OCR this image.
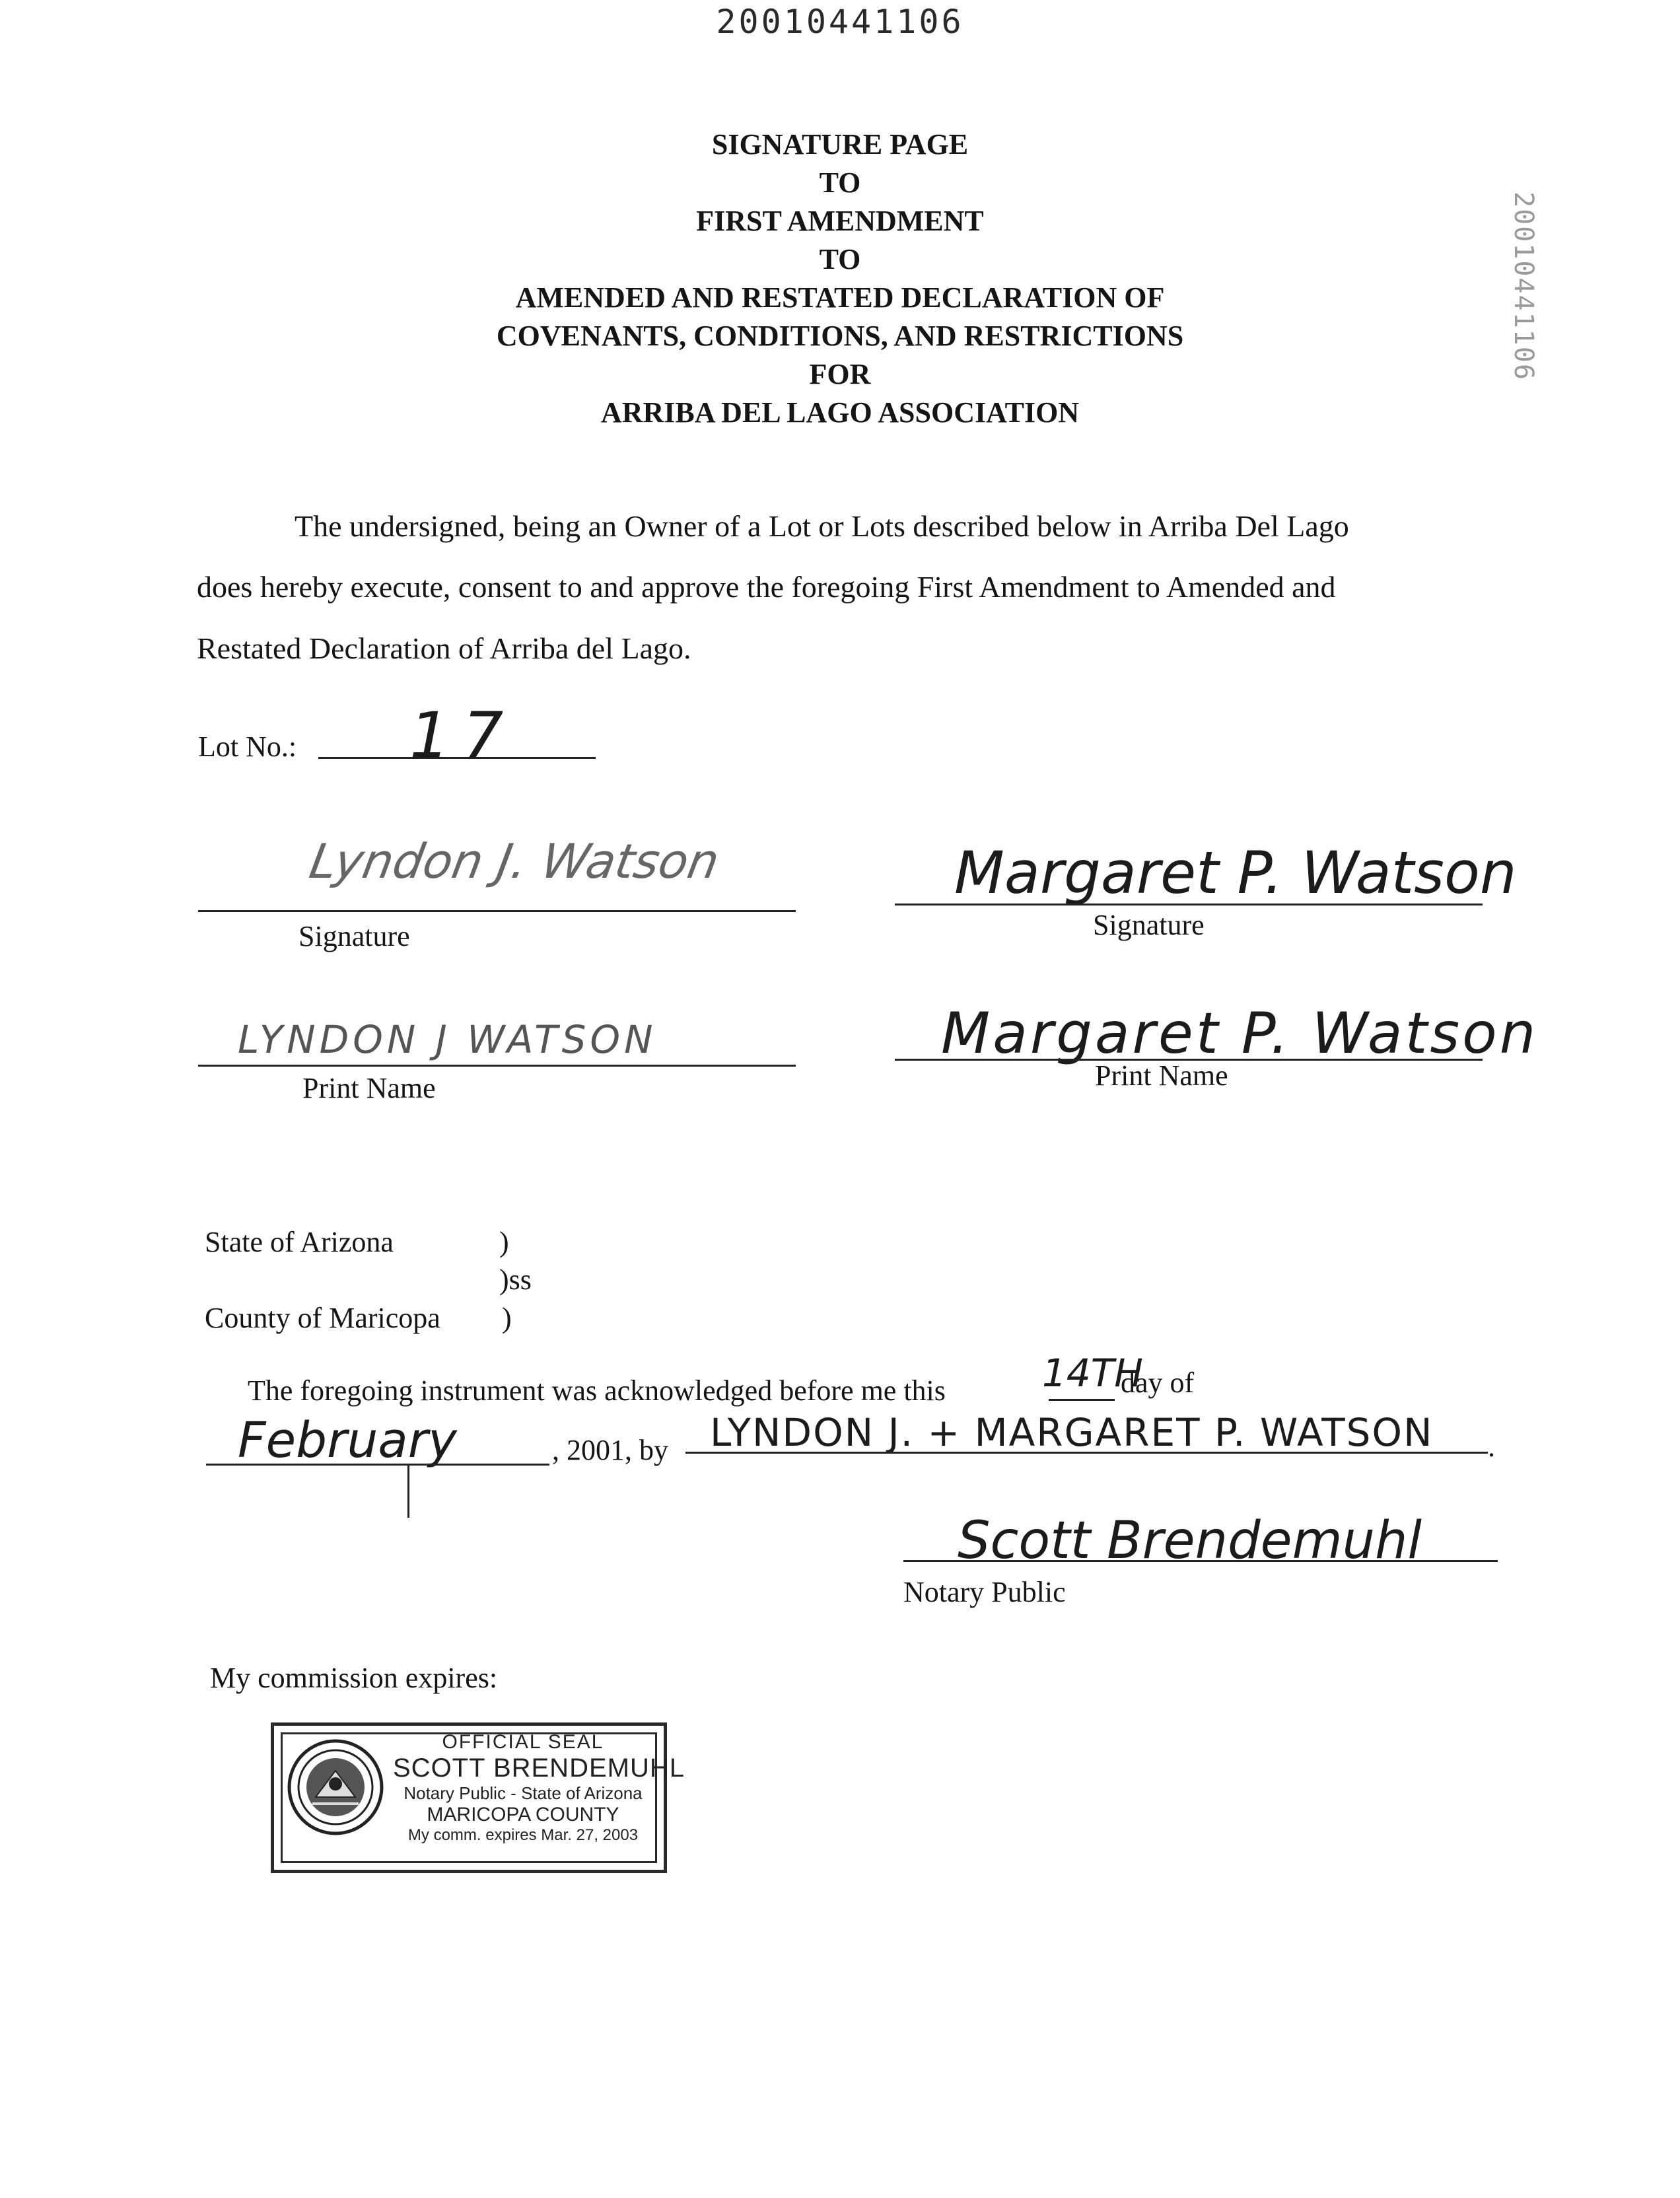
20010441106
20010441106
SIGNATURE PAGE
TO
FIRST AMENDMENT
TO
AMENDED AND RESTATED DECLARATION OF
COVENANTS, CONDITIONS, AND RESTRICTIONS
FOR
ARRIBA DEL LAGO ASSOCIATION
The undersigned, being an Owner of a Lot or Lots described below in Arriba Del Lago
does hereby execute, consent to and approve the foregoing First Amendment to Amended and
Restated Declaration of Arriba del Lago.
Lot No.: 17
Lyndon J. Watson
Signature
Margaret P. Watson
Signature
LYNDON J WATSON
Print Name
Margaret P. Watson
Print Name
State of Arizona	)
)ss
County of Maricopa )
The foregoing instrument was acknowledged before me this	14TH
day of
February	, 2001, by LYNDON J. + MARGARET P. WATSON .
Scott Brendemuhl
Notary Public
My commission expires:
OFFICIAL SEAL
SCOTT BRENDEMUHL
Notary Public - State of Arizona
MARICOPA COUNTY
My comm. expires Mar. 27, 2003
